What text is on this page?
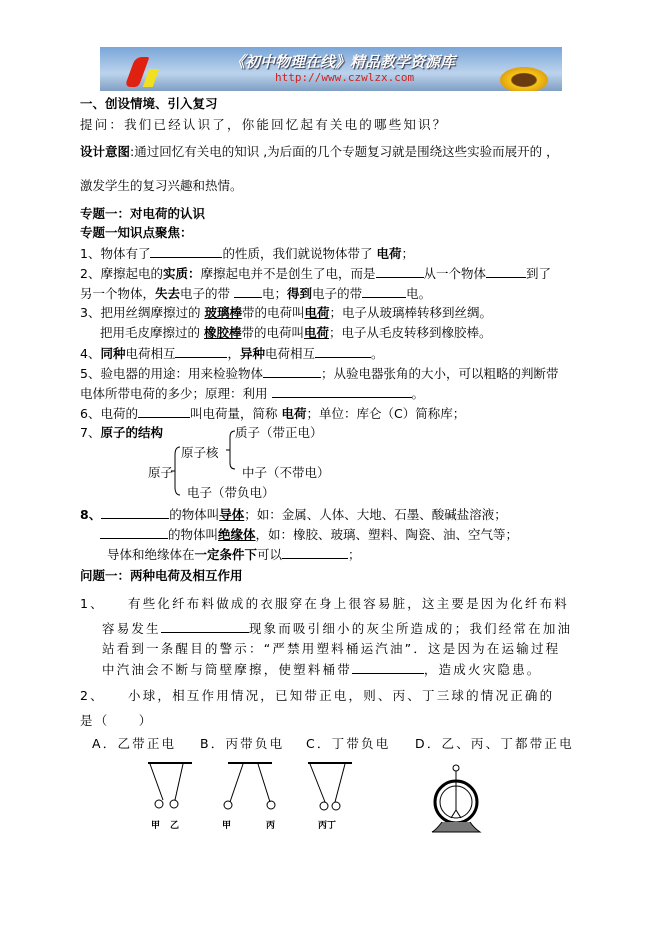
《初中物理在线》精品教学资源库
http://www.czwlzx.com
一、创设情境、引入复习
提问：我们已经认识了，你能回忆起有关电的哪些知识？
设计意图:通过回忆有关电的知识 ,为后面的几个专题复习就是围绕这些实验而展开的 ，
激发学生的复习兴趣和热情。
专题一：对电荷的认识
专题一知识点聚焦：
1、物体有了	的性质，我们就说物体带了 电荷；
2、摩擦起电的实质：摩擦起电并不是创生了电，而是	从一个物体	到了
另一个物体，失去电子的带	电；得到电子的带	电。
3、把用丝绸摩擦过的 玻璃棒带的电荷叫电荷；电子从玻璃棒转移到丝绸。
把用毛皮摩擦过的 橡胶棒带的电荷叫电荷；电子从毛皮转移到橡胶棒。
4、同种电荷相互	，异种电荷相互	。
5、验电器的用途：用来检验物体	；从验电器张角的大小，可以粗略的判断带
电体所带电荷的多少；原理：利用	。
6、电荷的	叫电荷量，简称 电荷；单位：库仑（C）简称库；
7、原子的结构	质子（带正电）
原子核
原子	中子（不带电）
电子（带负电）
8、	的物体叫导体；如：金属、人体、大地、石墨、酸碱盐溶液；
的物体叫绝缘体，如：橡胶、玻璃、塑料、陶瓷、油、空气等；
导体和绝缘体在一定条件下可以	；
问题一：两种电荷及相互作用
1、 有些化纤布料做成的衣服穿在身上很容易脏，这主要是因为化纤布料
容易发生	现象而吸引细小的灰尘所造成的；我们经常在加油
站看到一条醒目的警示：“严禁用塑料桶运汽油”．这是因为在运输过程
中汽油会不断与筒壁摩擦，使塑料桶带	，造成火灾隐患。
2、 小球，相互作用情况，已知带正电，则、丙、丁三球的情况正确的
是（　　）
A．乙带正电 B．丙带负电 C．丁带负电 D．乙、丙、丁都带正电
甲 乙	甲	丙	丙丁
